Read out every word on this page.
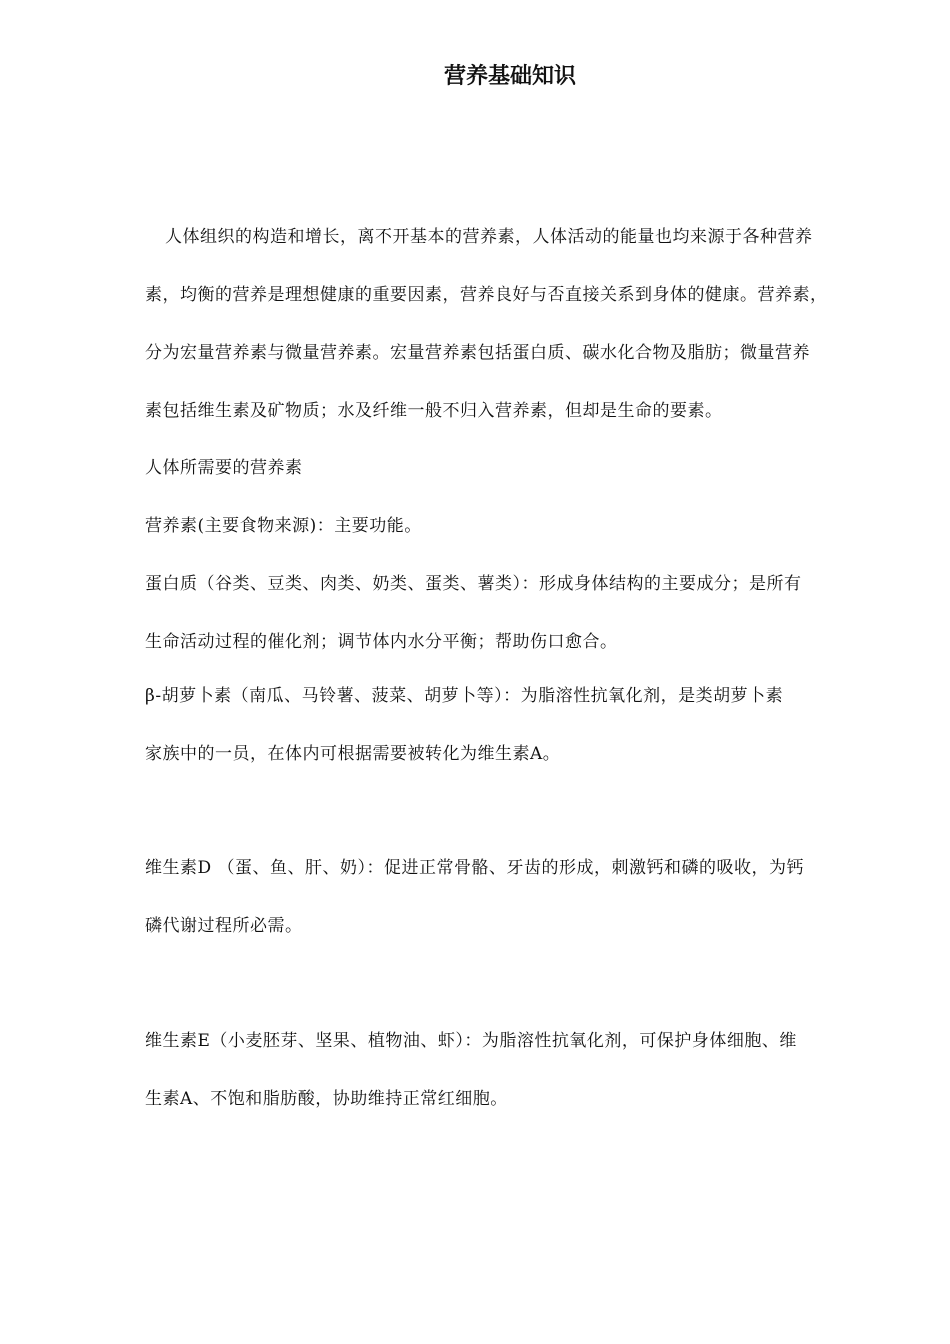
营养基础知识
人体组织的构造和增长，离不开基本的营养素，人体活动的能量也均来源于各种营养
素，均衡的营养是理想健康的重要因素，营养良好与否直接关系到身体的健康。营养素，
分为宏量营养素与微量营养素。宏量营养素包括蛋白质、碳水化合物及脂肪；微量营养
素包括维生素及矿物质；水及纤维一般不归入营养素，但却是生命的要素。
人体所需要的营养素
营养素(主要食物来源)：主要功能。
蛋白质（谷类、豆类、肉类、奶类、蛋类、薯类）：形成身体结构的主要成分；是所有
生命活动过程的催化剂；调节体内水分平衡；帮助伤口愈合。
β-胡萝卜素（南瓜、马铃薯、菠菜、胡萝卜等）：为脂溶性抗氧化剂，是类胡萝卜素
家族中的一员，在体内可根据需要被转化为维生素A。
维生素D （蛋、鱼、肝、奶）：促进正常骨骼、牙齿的形成，刺激钙和磷的吸收，为钙
磷代谢过程所必需。
维生素E（小麦胚芽、坚果、植物油、虾）：为脂溶性抗氧化剂，可保护身体细胞、维
生素A、不饱和脂肪酸，协助维持正常红细胞。
